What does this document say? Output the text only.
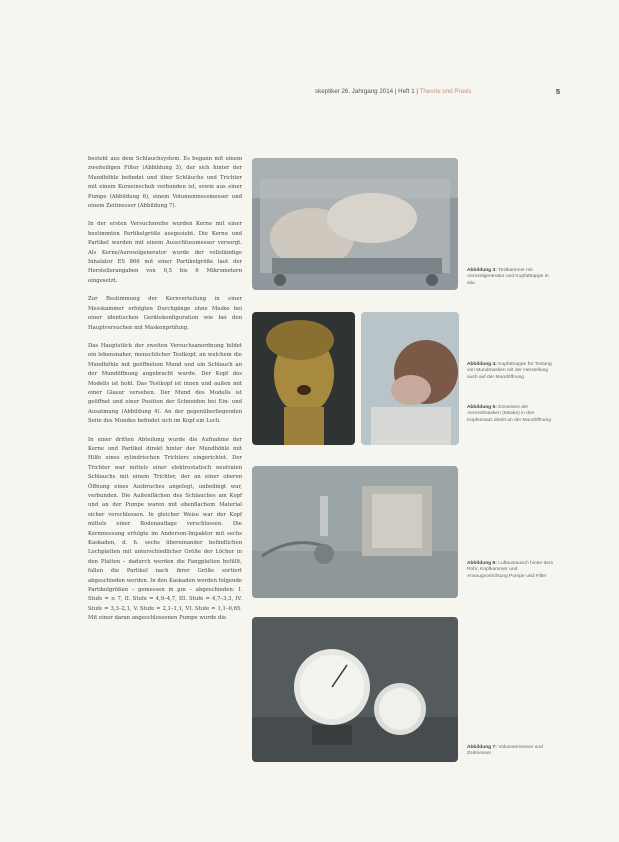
skeptiker 26. Jahrgang 2014 | Heft 1 | Theorie und Praxis	5

besteht aus dem Schlauchsystem. Es begann mit einem zweiteiligen Filter (Abbildung 3), der sich hinter der Mundhöhle befindet und über Schläuche und Trichter mit einem Kurzeinschub verbunden ist, sowie aus einer Pumpe (Abbildung 6), einem Volumenmessmesser und einem Zeitmesser (Abbildung 7).

In der ersten Versuchsreihe wurden Kerne mit einer bestimmten Partikelgröße ausgesiebt. Die Kerne und Partikel wurden mit einem Ausschlussmesser versorgt. Als Kerne/Aerosolgenerator wurde der vollständige Inhalator ES 866 mit einer Partikelgröße laut der Herstellerangaben von 0,5 bis 6 Mikrometern eingesetzt.

Zur Bestimmung der Kernverteilung in einer Messkammer erfolgten Durchgänge ohne Maske bei einer identischen Gerätekonfiguration wie bei den Hauptversuchen mit Maskenprüfung.

Das Hauptstück der zweiten Versuchsanordnung bildet ein lebensnaher, menschlicher Testkopf, an welchem die Mundhöhle mit geöffnetem Mund und ein Schlauch an der Mundöffnung angebracht wurde. Der Kopf des Modells ist hohl. Das Testkopf ist innen und außen mit einer Glasur versehen. Der Mund des Modells ist geöffnet und einer Position der Schneiden bei Ein- und Ausatmung (Abbildung 4). An der gegenüberliegenden Seite des Mundes befindet sich im Kopf ein Loch.

In einer dritten Abteilung wurde die Aufnahme der Kerne und Partikel direkt hinter der Mundhöhle mit Hilfe eines zylindrischen Trichters eingerichtet. Der Trichter war mittels einer elektrostatisch neutralen Schlauchs mit einem Trichter, der an einer oberen Öffnung eines Ausbruches angelegt, unbedingt war, verbunden. Die Außenflächen des Schlauches am Kopf und an der Pumpe waren mit ebenflachem Material sicher verschlossen. In gleicher Weise war der Kopf mittels einer Bodenauflage verschlossen. Die Kernmessung erfolgte im Anderson-Impaktor mit sechs Kaskaden, d. h. sechs übereinander befindlichen Lochplatten mit unterschiedlicher Größe der Löcher in den Platten – dadurch werden die Fangplatten befüllt, fallen die Partikel nach ihrer Größe sortiert abgeschieden werden. In den Kaskaden werden folgende Partikelgrößen – gemessen in µm – abgeschieden: I. Stufe = ≥ 7, II. Stufe = 4,9–4,7, III. Stufe = 4,7–3,3, IV. Stufe = 3,3–2,1, V. Stufe = 2,1–1,1, VI. Stufe = 1,1–0,65. Mit einer daran angeschlossenen Pumpe wurde die

Abbildung 3: Testkammer mit Aerosolgenerator und Kopfattrappe in situ
Abbildung 4: Kopfattrappe für Testung von Mundmasken mit der Herstellung auch auf der Mundöffnung
Abbildung 5: Einsetzen der Aerosolmasken (Maske) in den Kopfeinsatz direkt an der Mundöffnung
Abbildung 6: Luftaustausch hinter dem Rohr, Kopfkammer und Ansaugvorrichtung Pumpe und Filter
Abbildung 7: Volumenmesser und Zeitmesser
